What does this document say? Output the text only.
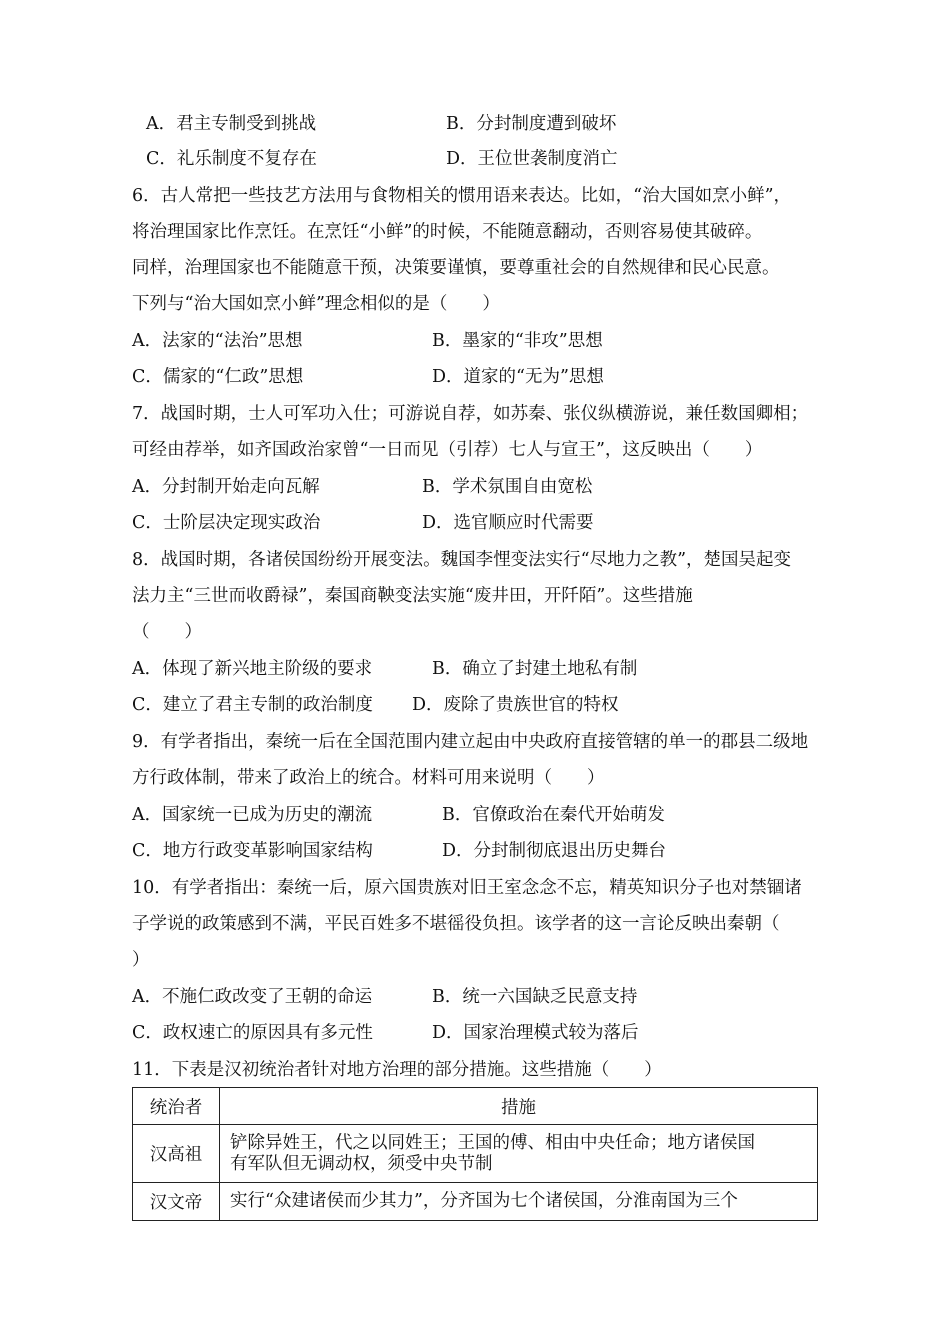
A．君主专制受到挑战	B．分封制度遭到破坏
C．礼乐制度不复存在	D．王位世袭制度消亡
6．古人常把一些技艺方法用与食物相关的惯用语来表达。比如，“治大国如烹小鲜”，
将治理国家比作烹饪。在烹饪“小鲜”的时候，不能随意翻动，否则容易使其破碎。
同样，治理国家也不能随意干预，决策要谨慎，要尊重社会的自然规律和民心民意。
下列与“治大国如烹小鲜”理念相似的是（　　）
A．法家的“法治”思想	B．墨家的“非攻”思想
C．儒家的“仁政”思想	D．道家的“无为”思想
7．战国时期，士人可军功入仕；可游说自荐，如苏秦、张仪纵横游说，兼任数国卿相；
可经由荐举，如齐国政治家曾“一日而见（引荐）七人与宣王”，这反映出（　　）
A．分封制开始走向瓦解	B．学术氛围自由宽松
C．士阶层决定现实政治	D．选官顺应时代需要
8．战国时期，各诸侯国纷纷开展变法。魏国李悝变法实行“尽地力之教”，楚国吴起变
法力主“三世而收爵禄”，秦国商鞅变法实施“废井田，开阡陌”。这些措施
（　　）
A．体现了新兴地主阶级的要求	B．确立了封建土地私有制
C．建立了君主专制的政治制度 D．废除了贵族世官的特权
9．有学者指出，秦统一后在全国范围内建立起由中央政府直接管辖的单一的郡县二级地
方行政体制，带来了政治上的统合。材料可用来说明（　　）
A．国家统一已成为历史的潮流	B．官僚政治在秦代开始萌发
C．地方行政变革影响国家结构	D．分封制彻底退出历史舞台
10．有学者指出：秦统一后，原六国贵族对旧王室念念不忘，精英知识分子也对禁锢诸
子学说的政策感到不满，平民百姓多不堪徭役负担。该学者的这一言论反映出秦朝（
）
A．不施仁政改变了王朝的命运	B．统一六国缺乏民意支持
C．政权速亡的原因具有多元性	D．国家治理模式较为落后
11．下表是汉初统治者针对地方治理的部分措施。这些措施（　　）
统治者	措施
汉高祖	铲除异姓王，代之以同姓王；王国的傅、相由中央任命；地方诸侯国
有军队但无调动权，须受中央节制

汉文帝	实行“众建诸侯而少其力”，分齐国为七个诸侯国，分淮南国为三个
